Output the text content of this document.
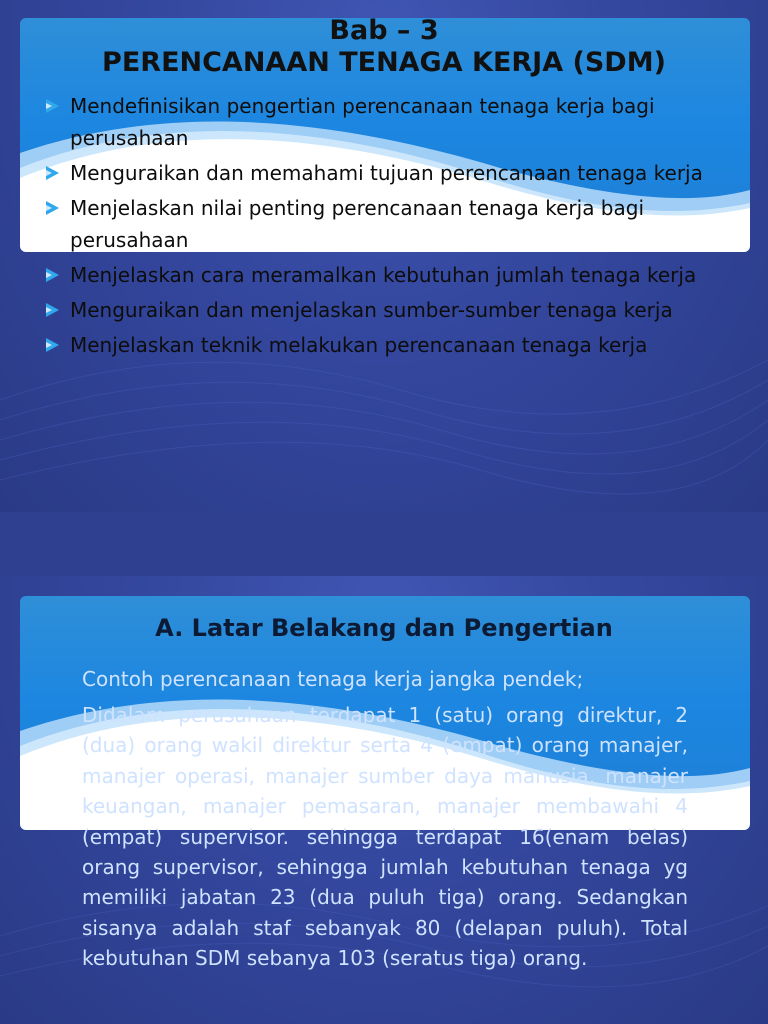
Bab – 3
PERENCANAAN TENAGA KERJA (SDM)
Mendefinisikan pengertian perencanaan tenaga kerja bagi perusahaan
Menguraikan dan memahami tujuan perencanaan tenaga kerja
Menjelaskan nilai penting perencanaan tenaga kerja bagi perusahaan
Menjelaskan cara meramalkan kebutuhan jumlah tenaga kerja
Menguraikan dan menjelaskan sumber-sumber tenaga kerja
Menjelaskan teknik melakukan perencanaan tenaga kerja
A. Latar Belakang dan Pengertian

Contoh perencanaan tenaga kerja jangka pendek;

Didalam perusahaan terdapat 1 (satu) orang direktur, 2 (dua) orang wakil direktur serta 4 (empat) orang manajer, manajer operasi, manajer sumber daya manusia, manajer keuangan, manajer pemasaran, manajer membawahi 4 (empat) supervisor. sehingga terdapat 16(enam belas) orang supervisor, sehingga jumlah kebutuhan tenaga yg memiliki jabatan 23 (dua puluh tiga) orang. Sedangkan sisanya adalah staf sebanyak 80 (delapan puluh). Total kebutuhan SDM sebanya 103 (seratus tiga) orang.
